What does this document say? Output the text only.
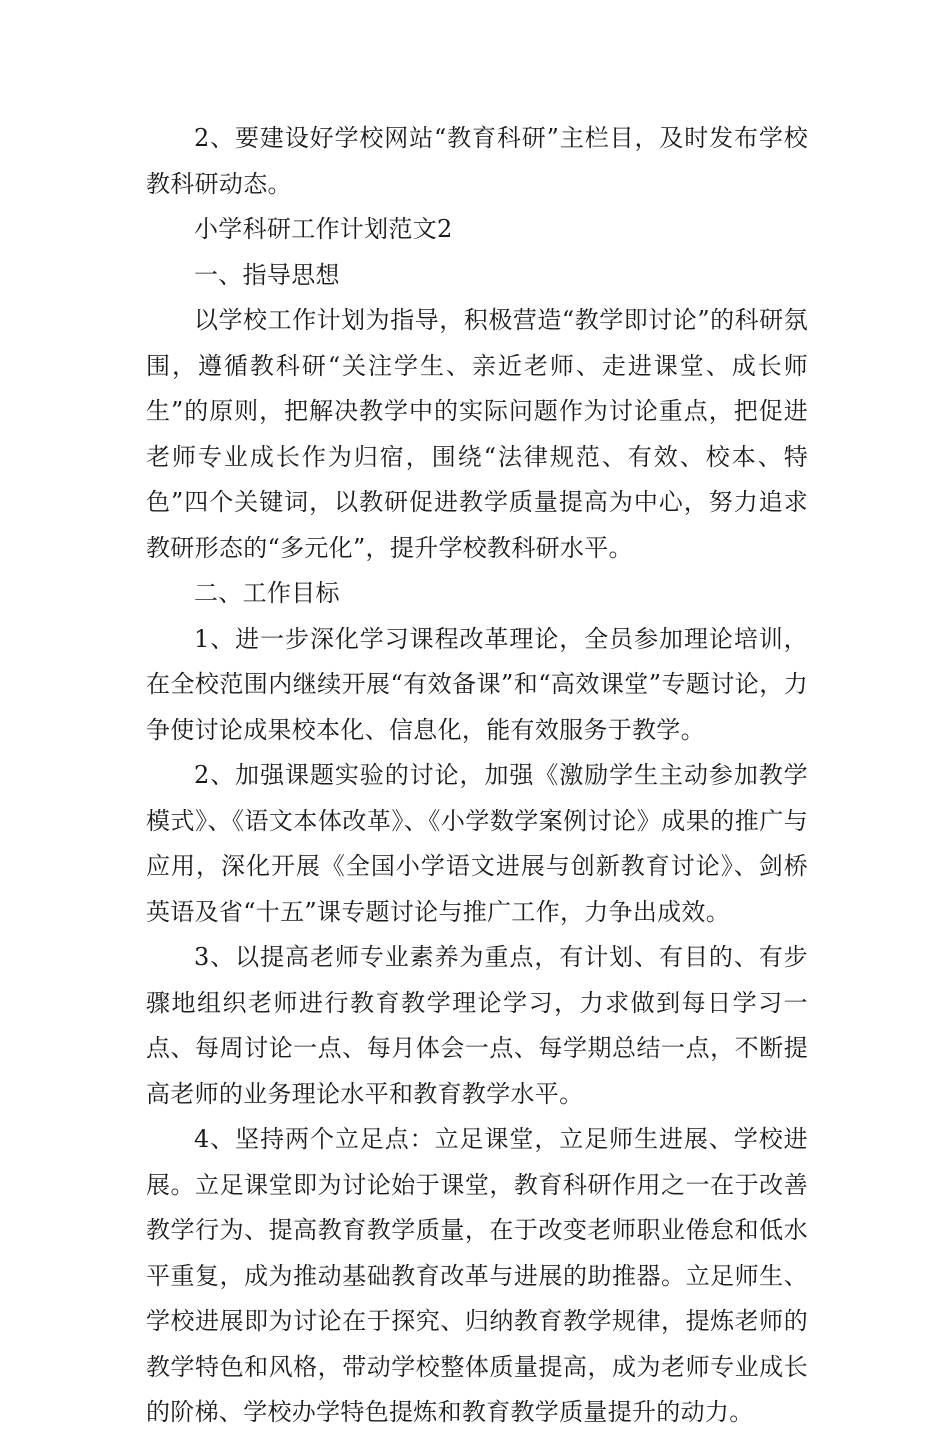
2、要建设好学校网站“教育科研”主栏目，及时发布学校教科研动态。

小学科研工作计划范文2

一、指导思想

以学校工作计划为指导，积极营造“教学即讨论”的科研氛围，遵循教科研“关注学生、亲近老师、走进课堂、成长师生”的原则，把解决教学中的实际问题作为讨论重点，把促进老师专业成长作为归宿，围绕“法律规范、有效、校本、特色”四个关键词，以教研促进教学质量提高为中心，努力追求教研形态的“多元化”，提升学校教科研水平。

二、工作目标

1、进一步深化学习课程改革理论，全员参加理论培训，在全校范围内继续开展“有效备课”和“高效课堂”专题讨论，力争使讨论成果校本化、信息化，能有效服务于教学。

2、加强课题实验的讨论，加强《激励学生主动参加教学模式》、《语文本体改革》、《小学数学案例讨论》成果的推广与应用，深化开展《全国小学语文进展与创新教育讨论》、剑桥英语及省“十五”课专题讨论与推广工作，力争出成效。

3、以提高老师专业素养为重点，有计划、有目的、有步骤地组织老师进行教育教学理论学习，力求做到每日学习一点、每周讨论一点、每月体会一点、每学期总结一点，不断提高老师的业务理论水平和教育教学水平。

4、坚持两个立足点：立足课堂，立足师生进展、学校进展。立足课堂即为讨论始于课堂，教育科研作用之一在于改善教学行为、提高教育教学质量，在于改变老师职业倦怠和低水平重复，成为推动基础教育改革与进展的助推器。立足师生、学校进展即为讨论在于探究、归纳教育教学规律，提炼老师的教学特色和风格，带动学校整体质量提高，成为老师专业成长的阶梯、学校办学特色提炼和教育教学质量提升的动力。
